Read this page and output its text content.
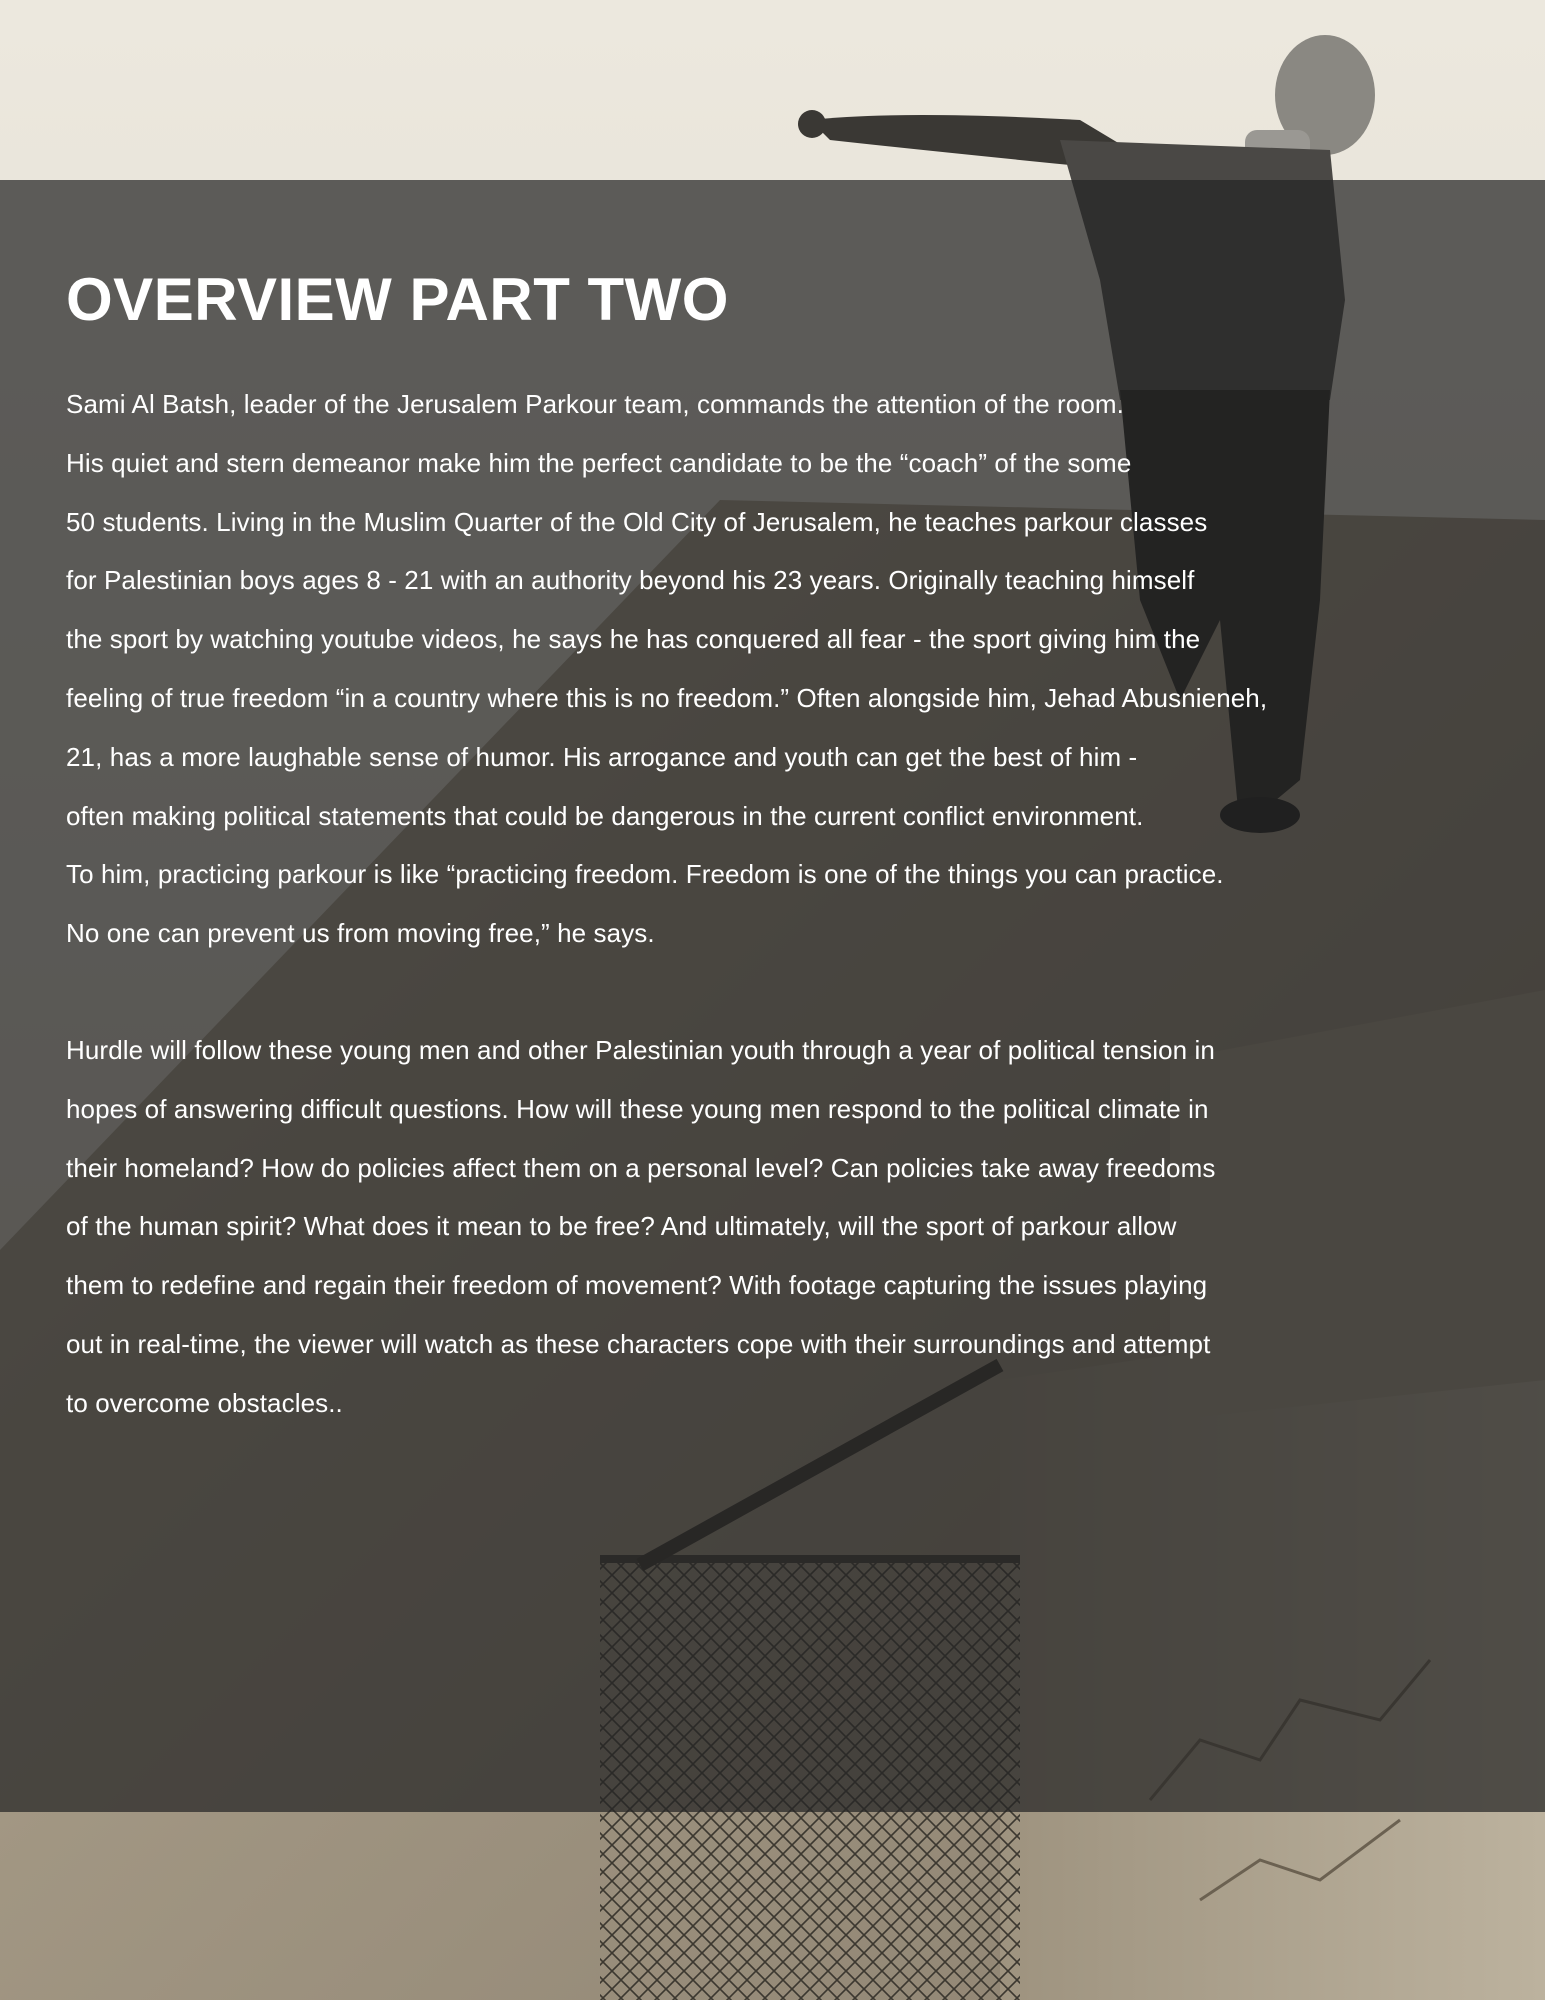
OVERVIEW PART TWO

Sami Al Batsh, leader of the Jerusalem Parkour team, commands the attention of the room.
His quiet and stern demeanor make him the perfect candidate to be the “coach” of the some
50 students. Living in the Muslim Quarter of the Old City of Jerusalem, he teaches parkour classes
for Palestinian boys ages 8 - 21 with an authority beyond his 23 years. Originally teaching himself
the sport by watching youtube videos, he says he has conquered all fear - the sport giving him the
feeling of true freedom “in a country where this is no freedom.” Often alongside him, Jehad Abusnieneh,
21, has a more laughable sense of humor. His arrogance and youth can get the best of him -
often making political statements that could be dangerous in the current conflict environment.
To him, practicing parkour is like “practicing freedom. Freedom is one of the things you can practice.
No one can prevent us from moving free,” he says.

Hurdle will follow these young men and other Palestinian youth through a year of political tension in
hopes of answering difficult questions. How will these young men respond to the political climate in
their homeland? How do policies affect them on a personal level? Can policies take away freedoms
of the human spirit? What does it mean to be free? And ultimately, will the sport of parkour allow
them to redefine and regain their freedom of movement? With footage capturing the issues playing
out in real-time, the viewer will watch as these characters cope with their surroundings and attempt
to overcome obstacles..
